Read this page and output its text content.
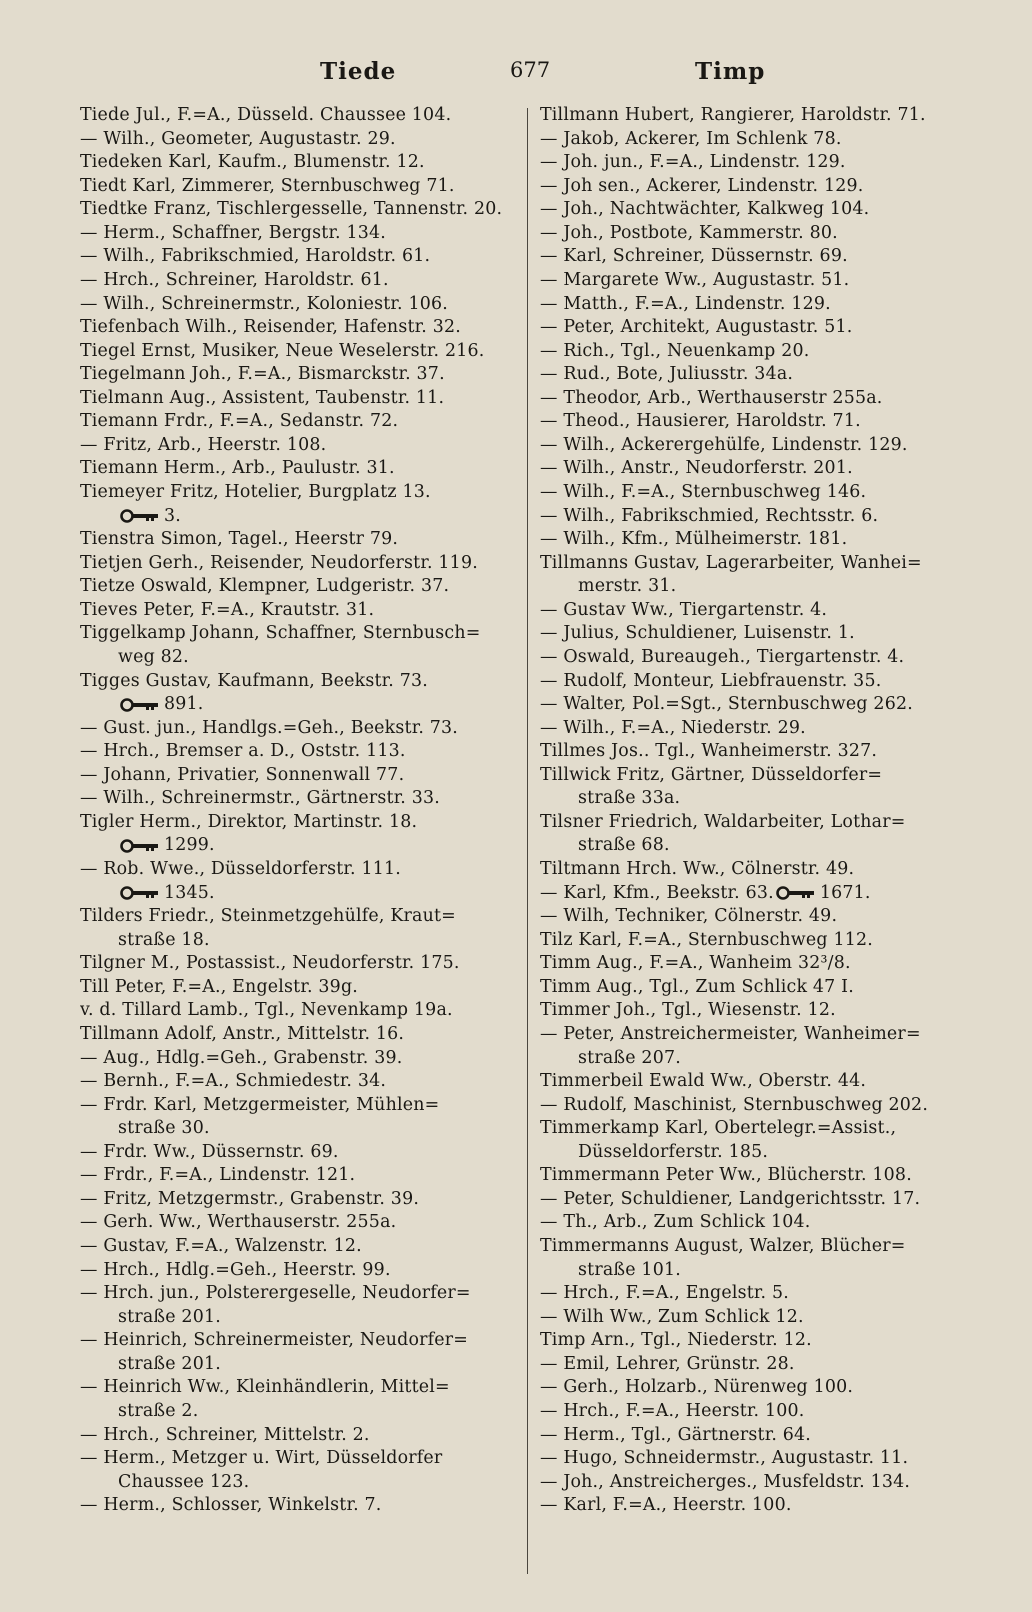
Tiede	677	Timp
Tiede Jul., F.=A., Düsseld. Chaussee 104.
— Wilh., Geometer, Augustastr. 29.
Tiedeken Karl, Kaufm., Blumenstr. 12.
Tiedt Karl, Zimmerer, Sternbuschweg 71.
Tiedtke Franz, Tischlergesselle, Tannenstr. 20.
— Herm., Schaffner, Bergstr. 134.
— Wilh., Fabrikschmied, Haroldstr. 61.
— Hrch., Schreiner, Haroldstr. 61.
— Wilh., Schreinermstr., Koloniestr. 106.
Tiefenbach Wilh., Reisender, Hafenstr. 32.
Tiegel Ernst, Musiker, Neue Weselerstr. 216.
Tiegelmann Joh., F.=A., Bismarckstr. 37.
Tielmann Aug., Assistent, Taubenstr. 11.
Tiemann Frdr., F.=A., Sedanstr. 72.
— Fritz, Arb., Heerstr. 108.
Tiemann Herm., Arb., Paulustr. 31.
Tiemeyer Fritz, Hotelier, Burgplatz 13.
3.
Tienstra Simon, Tagel., Heerstr 79.
Tietjen Gerh., Reisender, Neudorferstr. 119.
Tietze Oswald, Klempner, Ludgeristr. 37.
Tieves Peter, F.=A., Krautstr. 31.
Tiggelkamp Johann, Schaffner, Sternbusch=
weg 82.
Tigges Gustav, Kaufmann, Beekstr. 73.
891.
— Gust. jun., Handlgs.=Geh., Beekstr. 73.
— Hrch., Bremser a. D., Oststr. 113.
— Johann, Privatier, Sonnenwall 77.
— Wilh., Schreinermstr., Gärtnerstr. 33.
Tigler Herm., Direktor, Martinstr. 18.
1299.
— Rob. Wwe., Düsseldorferstr. 111.
1345.
Tilders Friedr., Steinmetzgehülfe, Kraut=
straße 18.
Tilgner M., Postassist., Neudorferstr. 175.
Till Peter, F.=A., Engelstr. 39g.
v. d. Tillard Lamb., Tgl., Nevenkamp 19a.
Tillmann Adolf, Anstr., Mittelstr. 16.
— Aug., Hdlg.=Geh., Grabenstr. 39.
— Bernh., F.=A., Schmiedestr. 34.
— Frdr. Karl, Metzgermeister, Mühlen=
straße 30.
— Frdr. Ww., Düssernstr. 69.
— Frdr., F.=A., Lindenstr. 121.
— Fritz, Metzgermstr., Grabenstr. 39.
— Gerh. Ww., Werthauserstr. 255a.
— Gustav, F.=A., Walzenstr. 12.
— Hrch., Hdlg.=Geh., Heerstr. 99.
— Hrch. jun., Polsterergeselle, Neudorfer=
straße 201.
— Heinrich, Schreinermeister, Neudorfer=
straße 201.
— Heinrich Ww., Kleinhändlerin, Mittel=
straße 2.
— Hrch., Schreiner, Mittelstr. 2.
— Herm., Metzger u. Wirt, Düsseldorfer
Chaussee 123.
— Herm., Schlosser, Winkelstr. 7.
Tillmann Hubert, Rangierer, Haroldstr. 71.
— Jakob, Ackerer, Im Schlenk 78.
— Joh. jun., F.=A., Lindenstr. 129.
— Joh sen., Ackerer, Lindenstr. 129.
— Joh., Nachtwächter, Kalkweg 104.
— Joh., Postbote, Kammerstr. 80.
— Karl, Schreiner, Düssernstr. 69.
— Margarete Ww., Augustastr. 51.
— Matth., F.=A., Lindenstr. 129.
— Peter, Architekt, Augustastr. 51.
— Rich., Tgl., Neuenkamp 20.
— Rud., Bote, Juliusstr. 34a.
— Theodor, Arb., Werthauserstr 255a.
— Theod., Hausierer, Haroldstr. 71.
— Wilh., Ackerergehülfe, Lindenstr. 129.
— Wilh., Anstr., Neudorferstr. 201.
— Wilh., F.=A., Sternbuschweg 146.
— Wilh., Fabrikschmied, Rechtsstr. 6.
— Wilh., Kfm., Mülheimerstr. 181.
Tillmanns Gustav, Lagerarbeiter, Wanhei=
merstr. 31.
— Gustav Ww., Tiergartenstr. 4.
— Julius, Schuldiener, Luisenstr. 1.
— Oswald, Bureaugeh., Tiergartenstr. 4.
— Rudolf, Monteur, Liebfrauenstr. 35.
— Walter, Pol.=Sgt., Sternbuschweg 262.
— Wilh., F.=A., Niederstr. 29.
Tillmes Jos.. Tgl., Wanheimerstr. 327.
Tillwick Fritz, Gärtner, Düsseldorfer=
straße 33a.
Tilsner Friedrich, Waldarbeiter, Lothar=
straße 68.
Tiltmann Hrch. Ww., Cölnerstr. 49.
— Karl, Kfm., Beekstr. 63.	1671.
— Wilh, Techniker, Cölnerstr. 49.
Tilz Karl, F.=A., Sternbuschweg 112.
Timm Aug., F.=A., Wanheim 32³/8.
Timm Aug., Tgl., Zum Schlick 47 I.
Timmer Joh., Tgl., Wiesenstr. 12.
— Peter, Anstreichermeister, Wanheimer=
straße 207.
Timmerbeil Ewald Ww., Oberstr. 44.
— Rudolf, Maschinist, Sternbuschweg 202.
Timmerkamp Karl, Obertelegr.=Assist.,
Düsseldorferstr. 185.
Timmermann Peter Ww., Blücherstr. 108.
— Peter, Schuldiener, Landgerichtsstr. 17.
— Th., Arb., Zum Schlick 104.
Timmermanns August, Walzer, Blücher=
straße 101.
— Hrch., F.=A., Engelstr. 5.
— Wilh Ww., Zum Schlick 12.
Timp Arn., Tgl., Niederstr. 12.
— Emil, Lehrer, Grünstr. 28.
— Gerh., Holzarb., Nürenweg 100.
— Hrch., F.=A., Heerstr. 100.
— Herm., Tgl., Gärtnerstr. 64.
— Hugo, Schneidermstr., Augustastr. 11.
— Joh., Anstreicherges., Musfeldstr. 134.
— Karl, F.=A., Heerstr. 100.
